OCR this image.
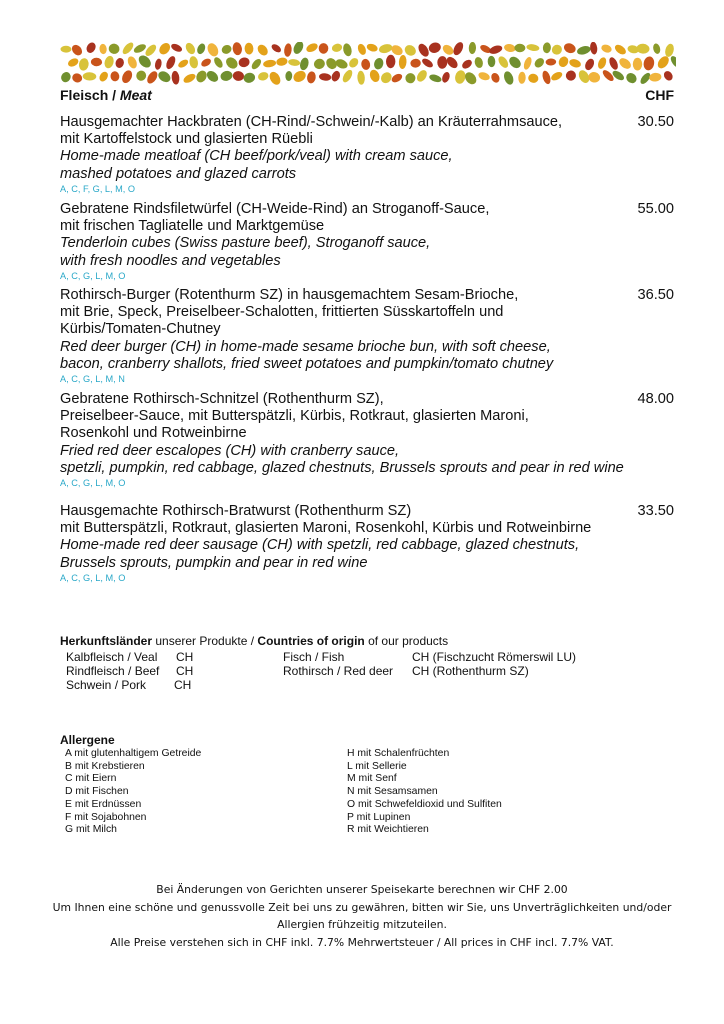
Fleisch / Meat	CHF
Hausgemachter Hackbraten (CH-Rind/-Schwein/-Kalb) an Kräuterrahmsauce,
mit Kartoffelstock und glasierten Rüebli
Home-made meatloaf (CH beef/pork/veal) with cream sauce,
mashed potatoes and glazed carrots
A, C, F, G, L, M, O
30.50
Gebratene Rindsfiletwürfel (CH-Weide-Rind) an Stroganoff-Sauce,
mit frischen Tagliatelle und Marktgemüse
Tenderloin cubes (Swiss pasture beef), Stroganoff sauce,
with fresh noodles and vegetables
A, C, G, L, M, O
55.00
Rothirsch-Burger (Rotenthurm SZ) in hausgemachtem Sesam-Brioche,
mit Brie, Speck, Preiselbeer-Schalotten, frittierten Süsskartoffeln und
Kürbis/Tomaten-Chutney
Red deer burger (CH) in home-made sesame brioche bun, with soft cheese,
bacon, cranberry shallots, fried sweet potatoes and pumpkin/tomato chutney
A, C, G, L, M, N
36.50
Gebratene Rothirsch-Schnitzel (Rothenthurm SZ),
Preiselbeer-Sauce, mit Butterspätzli, Kürbis, Rotkraut, glasierten Maroni,
Rosenkohl und Rotweinbirne
Fried red deer escalopes (CH) with cranberry sauce,
spetzli, pumpkin, red cabbage, glazed chestnuts, Brussels sprouts and pear in red wine
A, C, G, L, M, O
48.00
Hausgemachte Rothirsch-Bratwurst (Rothenthurm SZ)
mit Butterspätzli, Rotkraut, glasierten Maroni, Rosenkohl, Kürbis und Rotweinbirne
Home-made red deer sausage (CH) with spetzli, red cabbage, glazed chestnuts,
Brussels sprouts, pumpkin and pear in red wine
A, C, G, L, M, O
33.50
Herkunftsländer unserer Produkte / Countries of origin of our products
Kalbfleisch / Veal CH
Rindfleisch / Beef CH
Schwein / Pork CH
Fisch / Fish	CH (Fischzucht Römerswil LU)
Rothirsch / Red deer CH (Rothenthurm SZ)
Allergene
A mit glutenhaltigem Getreide
B mit Krebstieren
C mit Eiern
D mit Fischen
E mit Erdnüssen
F mit Sojabohnen
G mit Milch
H mit Schalenfrüchten
L mit Sellerie
M mit Senf
N mit Sesamsamen
O mit Schwefeldioxid und Sulfiten
P mit Lupinen
R mit Weichtieren
Bei Änderungen von Gerichten unserer Speisekarte berechnen wir CHF 2.00
Um Ihnen eine schöne und genussvolle Zeit bei uns zu gewähren, bitten wir Sie, uns Unverträglichkeiten und/oder
Allergien frühzeitig mitzuteilen.
Alle Preise verstehen sich in CHF inkl. 7.7% Mehrwertsteuer / All prices in CHF incl. 7.7% VAT.
